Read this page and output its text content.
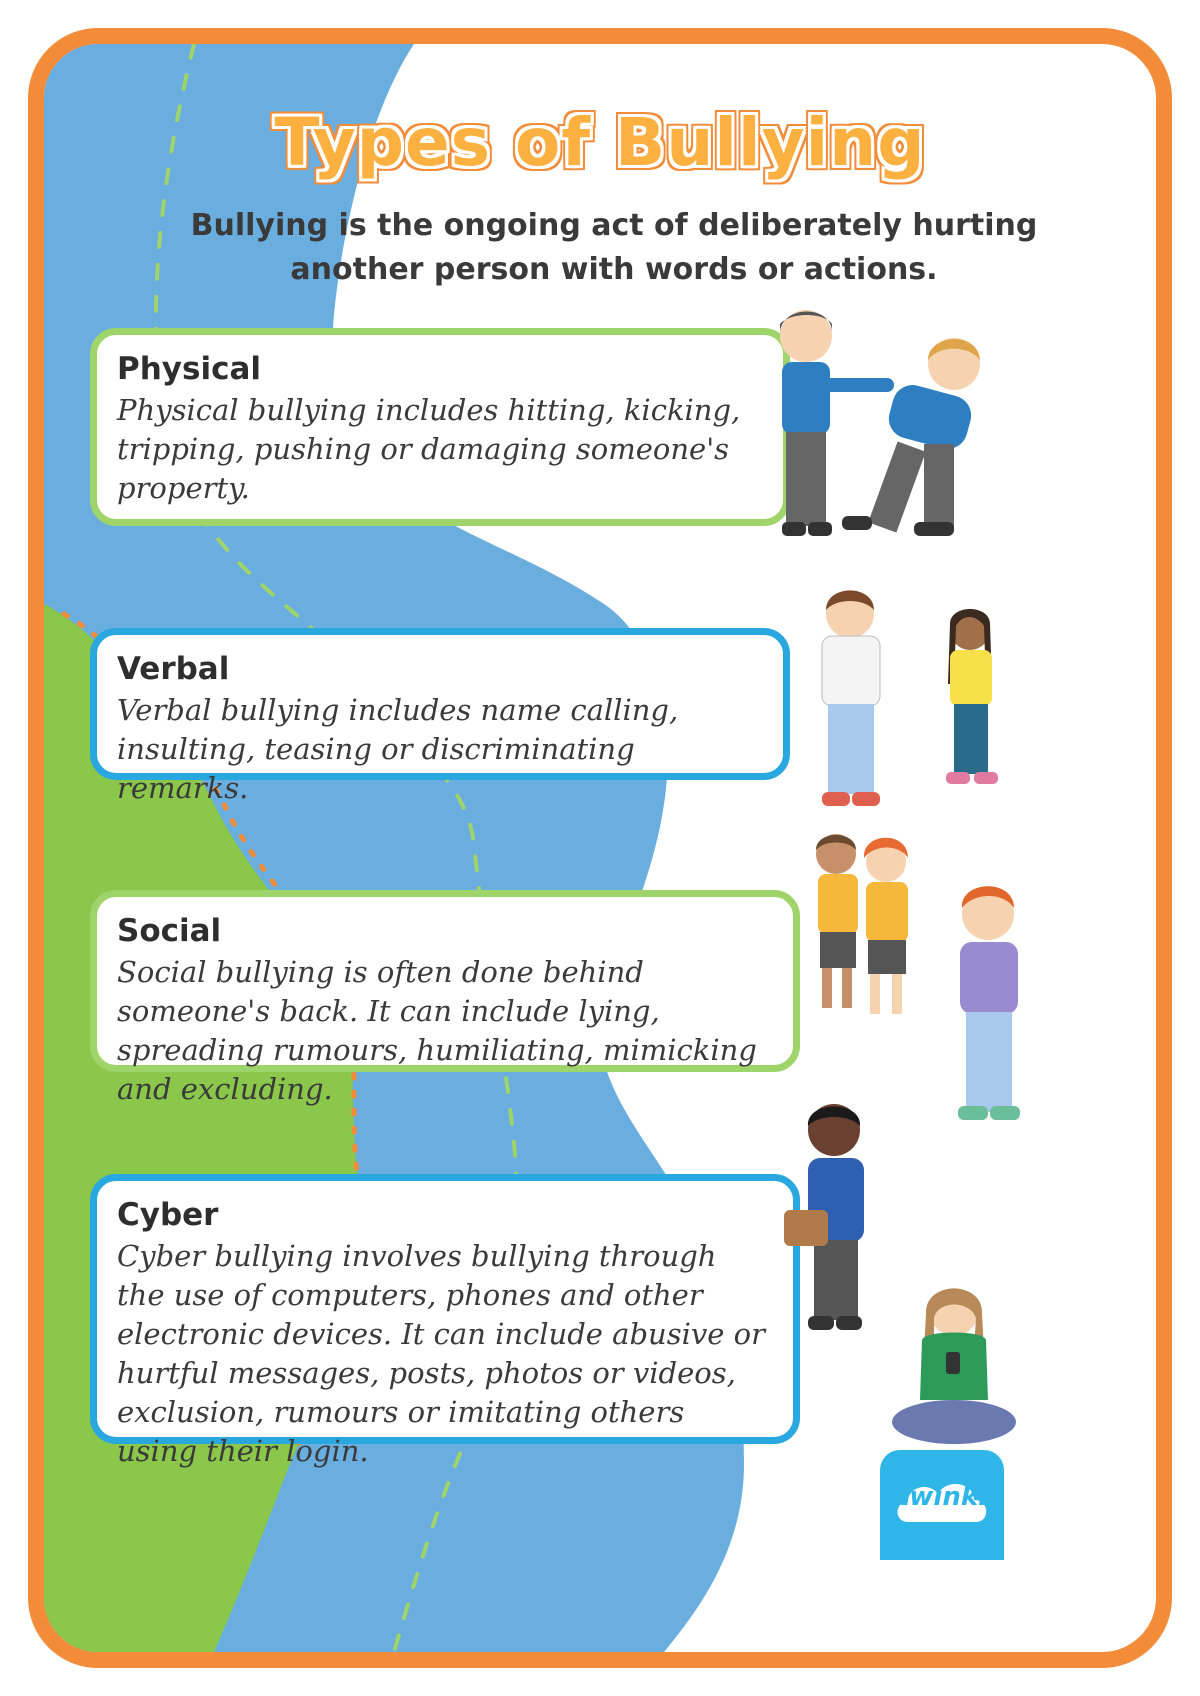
Types of Bullying
Bullying is the ongoing act of deliberately hurting another person with words or actions.
Physical

Physical bullying includes hitting, kicking, tripping, pushing or damaging someone's property.

Verbal

Verbal bullying includes name calling, insulting, teasing or discriminating remarks.

Social

Social bullying is often done behind someone's back. It can include lying, spreading rumours, humiliating, mimicking and excluding.

Cyber

Cyber bullying involves bullying through the use of computers, phones and other electronic devices. It can include abusive or hurtful messages, posts, photos or videos, exclusion, rumours or imitating others using their login.

twinkl
